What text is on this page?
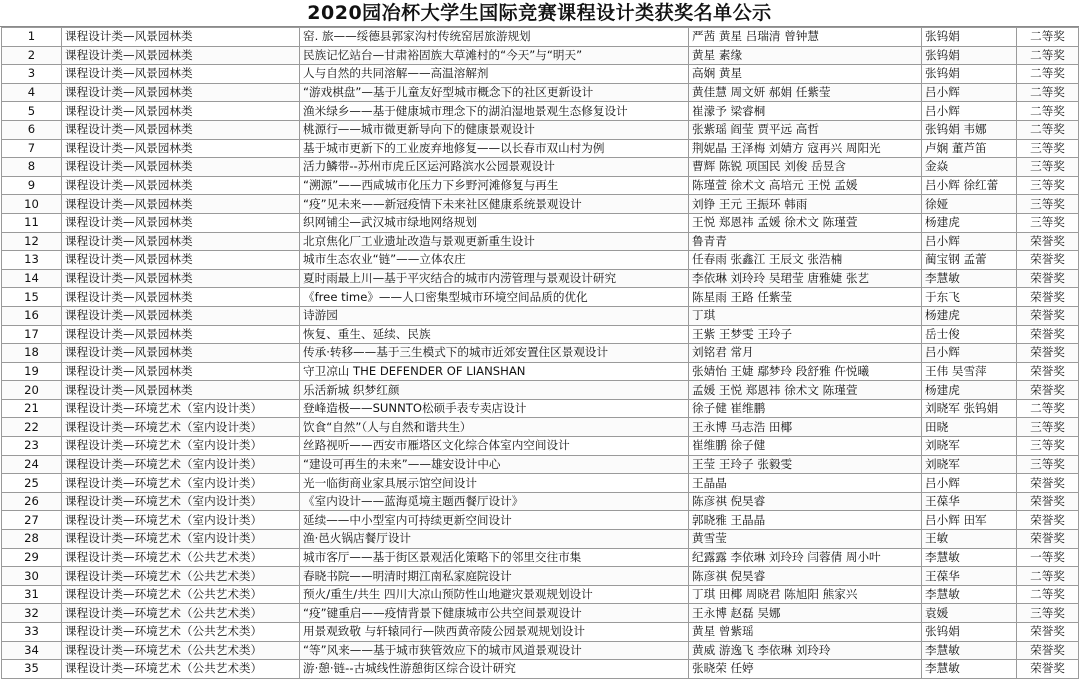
2020园冶杯大学生国际竞赛课程设计类获奖名单公示
1	课程设计类—风景园林类	窑. 旅——绥德县郭家沟村传统窑居旅游规划	严茜 黄星 吕瑞清 曾钟慧	张钨娟	二等奖
2	课程设计类—风景园林类	民族记忆站台—甘肃裕固族大草滩村的“今天”与“明天”	黄星 素缘	张钨娟	二等奖
3	课程设计类—风景园林类	人与自然的共同溶解——高温溶解剂	高娴 黄星	张钨娟	二等奖
4	课程设计类—风景园林类	“游戏棋盘”—基于儿童友好型城市概念下的社区更新设计	黄佳慧 周文妍 郝娟 任紫莹	吕小辉	二等奖
5	课程设计类—风景园林类	渔米绿乡——基于健康城市理念下的湖泊湿地景观生态修复设计	崔濛予 梁睿桐	吕小辉	二等奖
6	课程设计类—风景园林类	桃源行——城市微更新导向下的健康景观设计	张紫瑶 阎莹 贾平远 高哲	张钨娟 韦娜	二等奖
7	课程设计类—风景园林类	基于城市更新下的工业废弃地修复——以长春市双山村为例	荆妮晶 王泽梅 刘婧方 寇再兴 周阳光	卢娴 董芦笛	三等奖
8	课程设计类—风景园林类	活力鱗带--苏州市虎丘区运河路滨水公园景观设计	曹辉 陈锐 项国民 刘俊 岳昱含	金焱	三等奖
9	课程设计类—风景园林类	“溯源”——西咸城市化压力下乡野河滩修复与再生	陈瑾萱 徐术文 高培元 王悦 孟媛	吕小辉 徐红蕾	三等奖
10	课程设计类—风景园林类	“疫”见未来——新冠疫情下未来社区健康系统景观设计	刘铮 王元 王振环 韩雨	徐娅	三等奖
11	课程设计类—风景园林类	织网铺尘—武汉城市绿地网络规划	王悦 郑恩祎 孟媛 徐术文 陈瑾萱	杨建虎	三等奖
12	课程设计类—风景园林类	北京焦化厂工业遗址改造与景观更新重生设计	鲁青青	吕小辉	荣誉奖
13	课程设计类—风景园林类	城市生态农业“链”——立体农庄	任春雨 张鑫江 王辰文 张浩楠	蔺宝钢 孟蕾	荣誉奖
14	课程设计类—风景园林类	夏时雨最上川—基于平灾结合的城市内涝管理与景观设计研究	李依琳 刘玲玲 吴珺莹 唐雅婕 张艺	李慧敏	荣誉奖
15	课程设计类—风景园林类	《free time》——人口密集型城市环境空间品质的优化	陈星雨 王路 任紫莹	于东飞	荣誉奖
16	课程设计类—风景园林类	诗游园	丁琪	杨建虎	荣誉奖
17	课程设计类—风景园林类	恢复、重生、延续、民族	王紫 王梦雯 王玲子	岳士俊	荣誉奖
18	课程设计类—风景园林类	传承·转移——基于三生模式下的城市近郊安置住区景观设计	刘铭君 常月	吕小辉	荣誉奖
19	课程设计类—风景园林类	守卫凉山 THE DEFENDER OF LIANSHAN	张婧怡 王婕 鄢梦玲 段舒雅 仵悦曦	王伟 吴雪萍	荣誉奖
20	课程设计类—风景园林类	乐活新城 织梦红颜	孟媛 王悦 郑恩祎 徐术文 陈瑾萱	杨建虎	荣誉奖
21	课程设计类—环境艺术（室内设计类）	登峰造极——SUNNTO松硕手表专卖店设计	徐子健 崔维鹏	刘晓军 张钨娟	二等奖
22	课程设计类—环境艺术（室内设计类）	饮食“自然”（人与自然和谐共生）	王永博 马志浩 田椰	田晓	三等奖
23	课程设计类—环境艺术（室内设计类）	丝路视听——西安市雁塔区文化综合体室内空间设计	崔维鹏 徐子健	刘晓军	三等奖
24	课程设计类—环境艺术（室内设计类）	“建设可再生的未来”——雄安设计中心	王莹 王玲子 张毅雯	刘晓军	三等奖
25	课程设计类—环境艺术（室内设计类）	光一临街商业家具展示馆空间设计	王晶晶	吕小辉	荣誉奖
26	课程设计类—环境艺术（室内设计类）	《室内设计——蓝海觅境主题西餐厅设计》	陈彦祺 倪昊睿	王葆华	荣誉奖
27	课程设计类—环境艺术（室内设计类）	延续——中小型室内可持续更新空间设计	郭晓雅 王晶晶	吕小辉 田军	荣誉奖
28	课程设计类—环境艺术（室内设计类）	渔·邑火锅店餐厅设计	黄雪莹	王敏	荣誉奖
29	课程设计类—环境艺术（公共艺术类）	城市客厅——基于街区景观活化策略下的邻里交往市集	纪露露 李依琳 刘玲玲 闫蓉倩 周小叶	李慧敏	一等奖
30	课程设计类—环境艺术（公共艺术类）	春晓书院——明清时期江南私家庭院设计	陈彦祺 倪昊睿	王葆华	二等奖
31	课程设计类—环境艺术（公共艺术类）	预火/重生/共生 四川大凉山预防性山地避灾景观规划设计	丁琪 田椰 周晓君 陈旭阳 熊家兴	李慧敏	二等奖
32	课程设计类—环境艺术（公共艺术类）	“疫”键重启——疫情背景下健康城市公共空间景观设计	王永博 赵磊 吴娜	袁媛	三等奖
33	课程设计类—环境艺术（公共艺术类）	用景观致敬 与轩辕同行—陕西黄帝陵公园景观规划设计	黄星 曾紫瑶	张钨娟	荣誉奖
34	课程设计类—环境艺术（公共艺术类）	“等”风来——基于城市狭管效应下的城市风道景观设计	黄威 游逸飞 李依琳 刘玲玲	李慧敏	荣誉奖
35	课程设计类—环境艺术（公共艺术类）	游·憩·链--古城线性游憩街区综合设计研究	张晓荣 任婷	李慧敏	荣誉奖
